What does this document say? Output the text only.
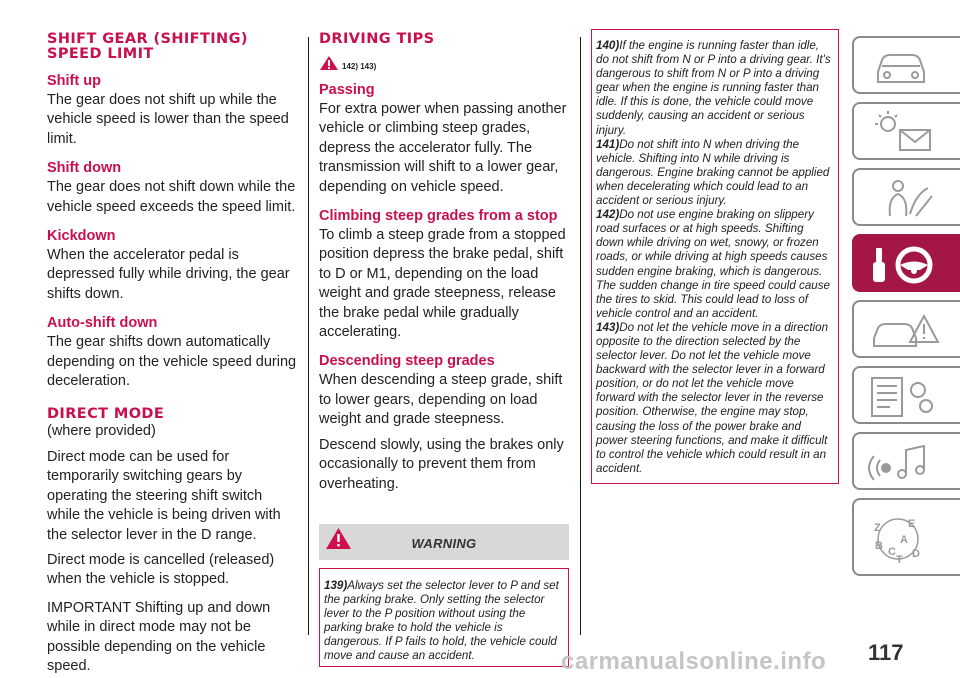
SHIFT GEAR (SHIFTING) SPEED LIMIT
Shift up
The gear does not shift up while the vehicle speed is lower than the speed limit.
Shift down
The gear does not shift down while the vehicle speed exceeds the speed limit.
Kickdown
When the accelerator pedal is depressed fully while driving, the gear shifts down.
Auto-shift down
The gear shifts down automatically depending on the vehicle speed during deceleration.
DIRECT MODE
(where provided)
Direct mode can be used for temporarily switching gears by operating the steering shift switch while the vehicle is being driven with the selector lever in the D range.
Direct mode is cancelled (released) when the vehicle is stopped.
IMPORTANT Shifting up and down while in direct mode may not be possible depending on the vehicle speed.
DRIVING TIPS
142) 143)
Passing
For extra power when passing another vehicle or climbing steep grades, depress the accelerator fully. The transmission will shift to a lower gear, depending on vehicle speed.
Climbing steep grades from a stop
To climb a steep grade from a stopped position depress the brake pedal, shift to D or M1, depending on the load weight and grade steepness, release the brake pedal while gradually accelerating.
Descending steep grades
When descending a steep grade, shift to lower gears, depending on load weight and grade steepness.
Descend slowly, using the brakes only occasionally to prevent them from overheating.
WARNING
139)Always set the selector lever to P and set the parking brake. Only setting the selector lever to the P position without using the parking brake to hold the vehicle is dangerous. If P fails to hold, the vehicle could move and cause an accident.
140)If the engine is running faster than idle, do not shift from N or P into a driving gear. It's dangerous to shift from N or P into a driving gear when the engine is running faster than idle. If this is done, the vehicle could move suddenly, causing an accident or serious injury.
141)Do not shift into N when driving the vehicle. Shifting into N while driving is dangerous. Engine braking cannot be applied when decelerating which could lead to an accident or serious injury.
142)Do not use engine braking on slippery road surfaces or at high speeds. Shifting down while driving on wet, snowy, or frozen roads, or while driving at high speeds causes sudden engine braking, which is dangerous. The sudden change in tire speed could cause the tires to skid. This could lead to loss of vehicle control and an accident.
143)Do not let the vehicle move in a direction opposite to the direction selected by the selector lever. Do not let the vehicle move backward with the selector lever in a forward position, or do not let the vehicle move forward with the selector lever in the reverse position. Otherwise, the engine may stop, causing the loss of the power brake and power steering functions, and make it difficult to control the vehicle which could result in an accident.
Z E
A
B C D
T
carmanualsonline.info 117
